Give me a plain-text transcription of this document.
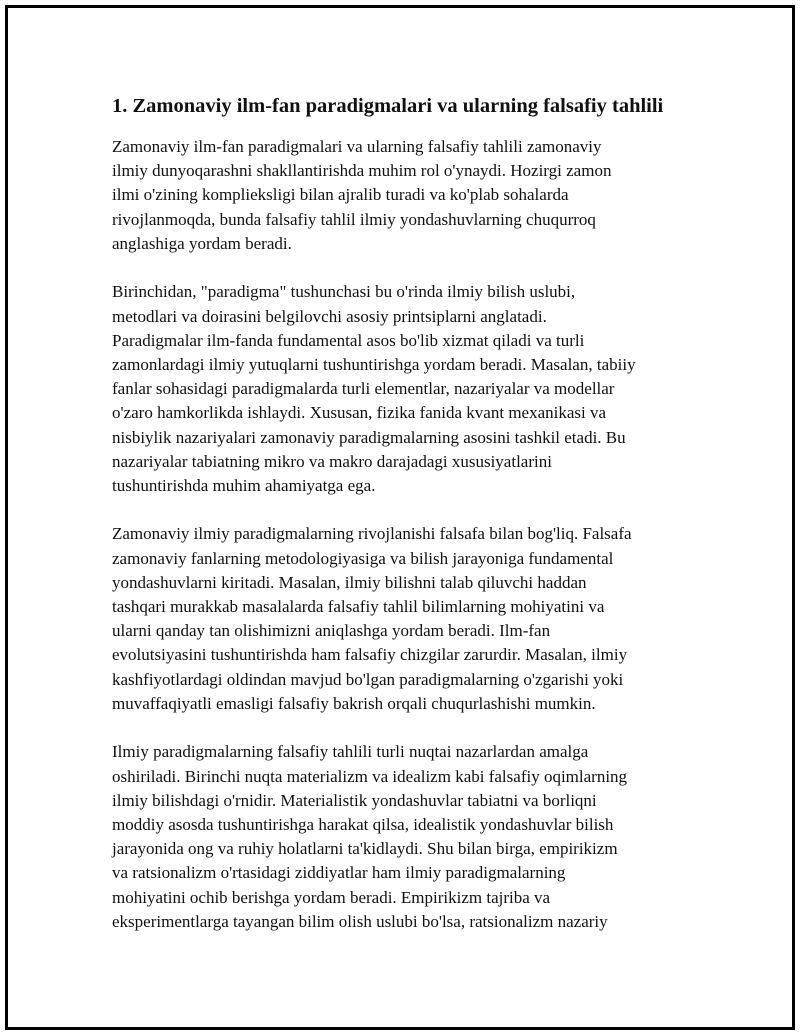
1. Zamonaviy ilm-fan paradigmalari va ularning falsafiy tahlili

Zamonaviy ilm-fan paradigmalari va ularning falsafiy tahlili zamonaviy
ilmiy dunyoqarashni shakllantirishda muhim rol o'ynaydi. Hozirgi zamon
ilmi o'zining komplieksligi bilan ajralib turadi va ko'plab sohalarda
rivojlanmoqda, bunda falsafiy tahlil ilmiy yondashuvlarning chuqurroq
anglashiga yordam beradi.

Birinchidan, "paradigma" tushunchasi bu o'rinda ilmiy bilish uslubi,
metodlari va doirasini belgilovchi asosiy printsiplarni anglatadi.
Paradigmalar ilm-fanda fundamental asos bo'lib xizmat qiladi va turli
zamonlardagi ilmiy yutuqlarni tushuntirishga yordam beradi. Masalan, tabiiy
fanlar sohasidagi paradigmalarda turli elementlar, nazariyalar va modellar
o'zaro hamkorlikda ishlaydi. Xususan, fizika fanida kvant mexanikasi va
nisbiylik nazariyalari zamonaviy paradigmalarning asosini tashkil etadi. Bu
nazariyalar tabiatning mikro va makro darajadagi xususiyatlarini
tushuntirishda muhim ahamiyatga ega.

Zamonaviy ilmiy paradigmalarning rivojlanishi falsafa bilan bog'liq. Falsafa
zamonaviy fanlarning metodologiyasiga va bilish jarayoniga fundamental
yondashuvlarni kiritadi. Masalan, ilmiy bilishni talab qiluvchi haddan
tashqari murakkab masalalarda falsafiy tahlil bilimlarning mohiyatini va
ularni qanday tan olishimizni aniqlashga yordam beradi. Ilm-fan
evolutsiyasini tushuntirishda ham falsafiy chizgilar zarurdir. Masalan, ilmiy
kashfiyotlardagi oldindan mavjud bo'lgan paradigmalarning o'zgarishi yoki
muvaffaqiyatli emasligi falsafiy bakrish orqali chuqurlashishi mumkin.

Ilmiy paradigmalarning falsafiy tahlili turli nuqtai nazarlardan amalga
oshiriladi. Birinchi nuqta materializm va idealizm kabi falsafiy oqimlarning
ilmiy bilishdagi o'rnidir. Materialistik yondashuvlar tabiatni va borliqni
moddiy asosda tushuntirishga harakat qilsa, idealistik yondashuvlar bilish
jarayonida ong va ruhiy holatlarni ta'kidlaydi. Shu bilan birga, empirikizm
va ratsionalizm o'rtasidagi ziddiyatlar ham ilmiy paradigmalarning
mohiyatini ochib berishga yordam beradi. Empirikizm tajriba va
eksperimentlarga tayangan bilim olish uslubi bo'lsa, ratsionalizm nazariy
